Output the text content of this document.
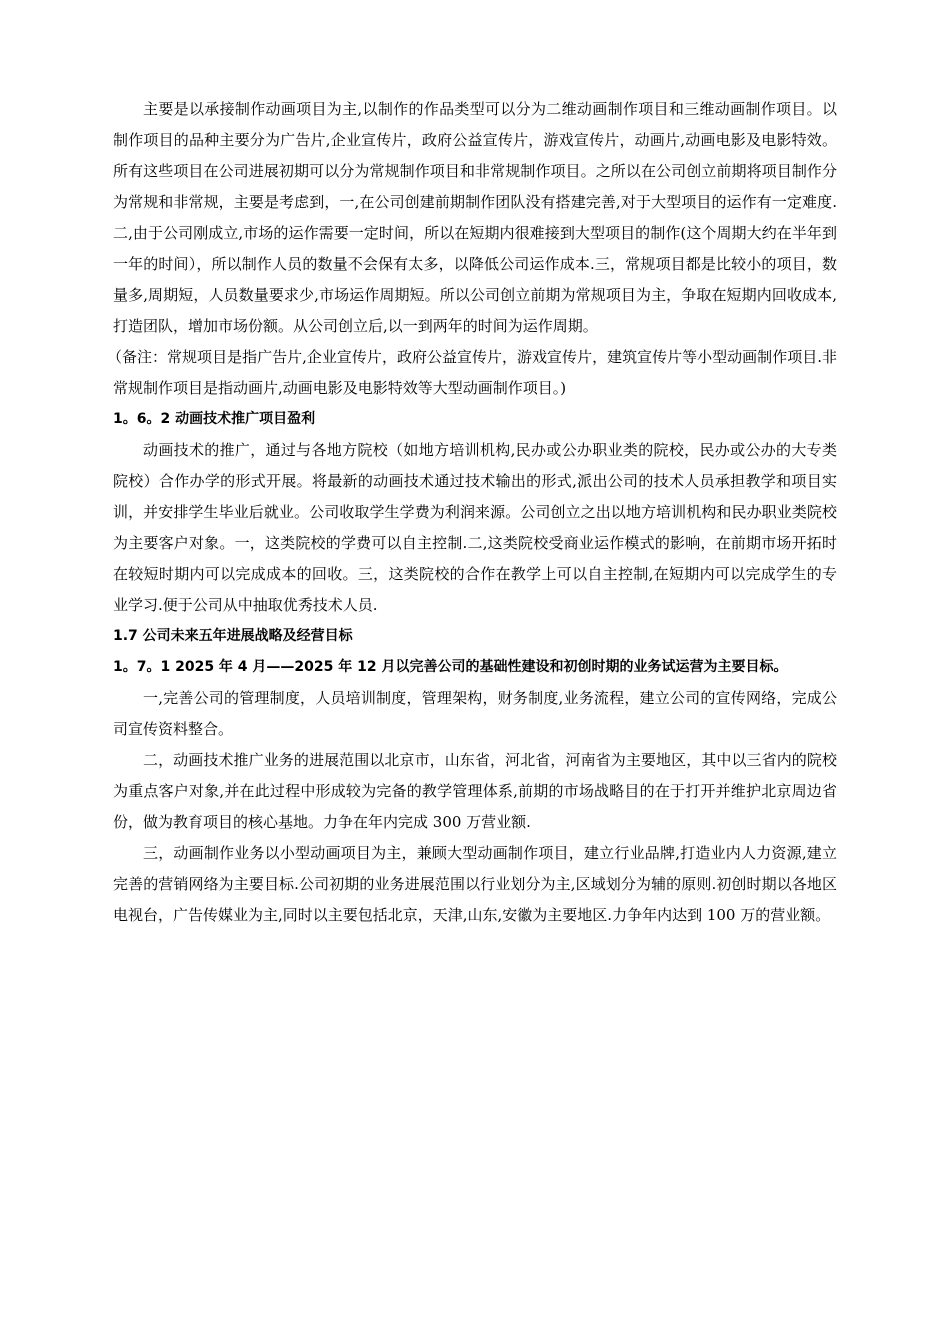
主要是以承接制作动画项目为主,以制作的作品类型可以分为二维动画制作项目和三维动画制作项目。以制作项目的品种主要分为广告片,企业宣传片，政府公益宣传片，游戏宣传片，动画片,动画电影及电影特效。所有这些项目在公司进展初期可以分为常规制作项目和非常规制作项目。之所以在公司创立前期将项目制作分为常规和非常规，主要是考虑到，一,在公司创建前期制作团队没有搭建完善,对于大型项目的运作有一定难度.二,由于公司刚成立,市场的运作需要一定时间，所以在短期内很难接到大型项目的制作(这个周期大约在半年到一年的时间），所以制作人员的数量不会保有太多，以降低公司运作成本.三，常规项目都是比较小的项目，数量多,周期短，人员数量要求少,市场运作周期短。所以公司创立前期为常规项目为主，争取在短期内回收成本,打造团队，增加市场份额。从公司创立后,以一到两年的时间为运作周期。

（备注：常规项目是指广告片,企业宣传片，政府公益宣传片，游戏宣传片，建筑宣传片等小型动画制作项目.非常规制作项目是指动画片,动画电影及电影特效等大型动画制作项目。)

1。6。2 动画技术推广项目盈利

动画技术的推广，通过与各地方院校（如地方培训机构,民办或公办职业类的院校，民办或公办的大专类院校）合作办学的形式开展。将最新的动画技术通过技术输出的形式,派出公司的技术人员承担教学和项目实训，并安排学生毕业后就业。公司收取学生学费为利润来源。公司创立之出以地方培训机构和民办职业类院校为主要客户对象。一，这类院校的学费可以自主控制.二,这类院校受商业运作模式的影响，在前期市场开拓时在较短时期内可以完成成本的回收。三，这类院校的合作在教学上可以自主控制,在短期内可以完成学生的专业学习.便于公司从中抽取优秀技术人员.

1.7 公司未来五年进展战略及经营目标

1。7。1 2025 年 4 月——2025 年 12 月以完善公司的基础性建设和初创时期的业务试运营为主要目标。

一,完善公司的管理制度，人员培训制度，管理架构，财务制度,业务流程，建立公司的宣传网络，完成公司宣传资料整合。

二，动画技术推广业务的进展范围以北京市，山东省，河北省，河南省为主要地区，其中以三省内的院校为重点客户对象,并在此过程中形成较为完备的教学管理体系,前期的市场战略目的在于打开并维护北京周边省份，做为教育项目的核心基地。力争在年内完成 300 万营业额.

三，动画制作业务以小型动画项目为主，兼顾大型动画制作项目，建立行业品牌,打造业内人力资源,建立完善的营销网络为主要目标.公司初期的业务进展范围以行业划分为主,区域划分为辅的原则.初创时期以各地区电视台，广告传媒业为主,同时以主要包括北京，天津,山东,安徽为主要地区.力争年内达到 100 万的营业额。
